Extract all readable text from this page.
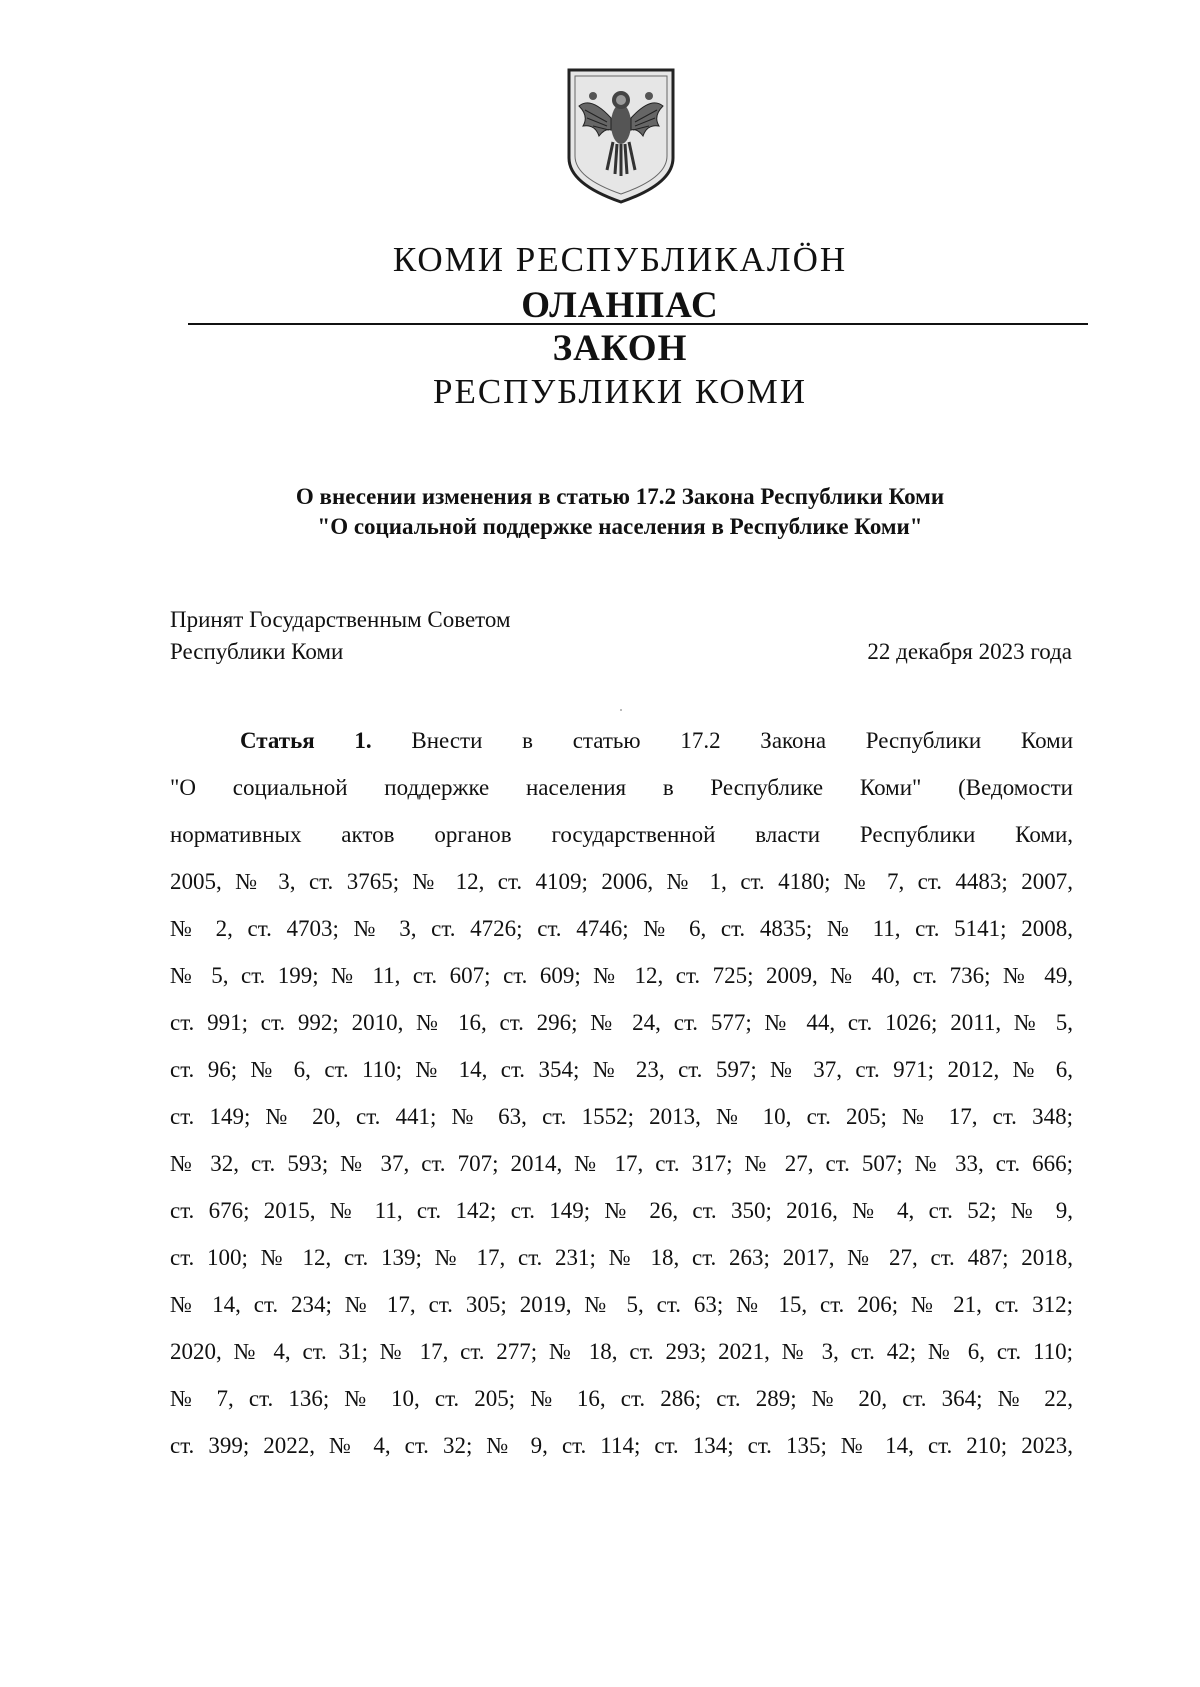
КОМИ РЕСПУБЛИКАЛÖН
ОЛАНПАС
ЗАКОН
РЕСПУБЛИКИ КОМИ
О внесении изменения в статью 17.2 Закона Республики Коми
"О социальной поддержке населения в Республике Коми"
Принят Государственным Советом
Республики Коми	22 декабря 2023 года
Статья 1. Внести в статью 17.2 Закона Республики Коми
"О социальной поддержке населения в Республике Коми" (Ведомости
нормативных актов органов государственной власти Республики Коми,
2005, № 3, ст. 3765; № 12, ст. 4109; 2006, № 1, ст. 4180; № 7, ст. 4483; 2007,
№ 2, ст. 4703; № 3, ст. 4726; ст. 4746; № 6, ст. 4835; № 11, ст. 5141; 2008,
№ 5, ст. 199; № 11, ст. 607; ст. 609; № 12, ст. 725; 2009, № 40, ст. 736; № 49,
ст. 991; ст. 992; 2010, № 16, ст. 296; № 24, ст. 577; № 44, ст. 1026; 2011, № 5,
ст. 96; № 6, ст. 110; № 14, ст. 354; № 23, ст. 597; № 37, ст. 971; 2012, № 6,
ст. 149; № 20, ст. 441; № 63, ст. 1552; 2013, № 10, ст. 205; № 17, ст. 348;
№ 32, ст. 593; № 37, ст. 707; 2014, № 17, ст. 317; № 27, ст. 507; № 33, ст. 666;
ст. 676; 2015, № 11, ст. 142; ст. 149; № 26, ст. 350; 2016, № 4, ст. 52; № 9,
ст. 100; № 12, ст. 139; № 17, ст. 231; № 18, ст. 263; 2017, № 27, ст. 487; 2018,
№ 14, ст. 234; № 17, ст. 305; 2019, № 5, ст. 63; № 15, ст. 206; № 21, ст. 312;
2020, № 4, ст. 31; № 17, ст. 277; № 18, ст. 293; 2021, № 3, ст. 42; № 6, ст. 110;
№ 7, ст. 136; № 10, ст. 205; № 16, ст. 286; ст. 289; № 20, ст. 364; № 22,
ст. 399; 2022, № 4, ст. 32; № 9, ст. 114; ст. 134; ст. 135; № 14, ст. 210; 2023,
